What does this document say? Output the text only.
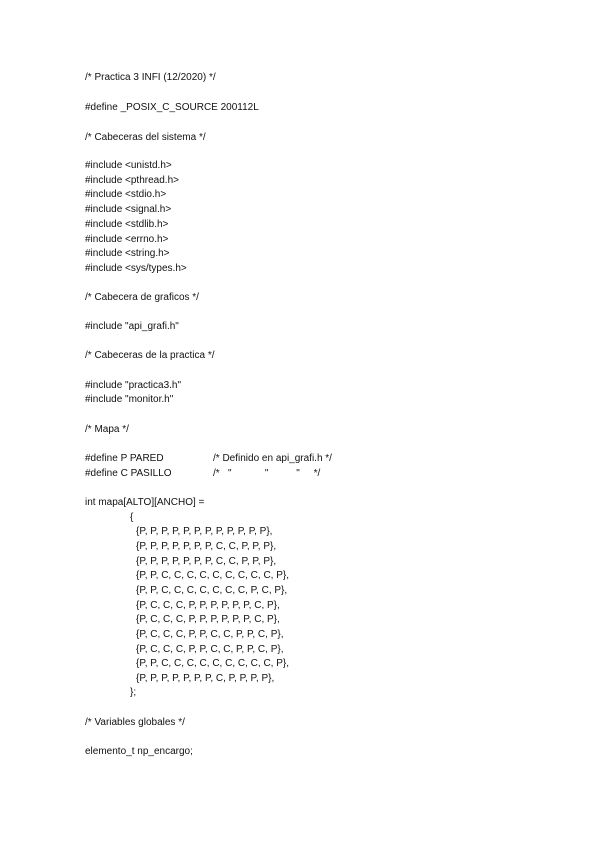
/* Practica 3 INFI (12/2020) */
#define _POSIX_C_SOURCE 200112L
/* Cabeceras del sistema */
#include <unistd.h>
#include <pthread.h>
#include <stdio.h>
#include <signal.h>
#include <stdlib.h>
#include <errno.h>
#include <string.h>
#include <sys/types.h>
/* Cabecera de graficos */
#include "api_grafi.h"
/* Cabeceras de la practica */
#include "practica3.h"
#include "monitor.h"
/* Mapa */
#define P PARED	/* Definido en api_grafi.h */
#define C PASILLO	/*   "            "          "     */
int mapa[ALTO][ANCHO] =
{
{P, P, P, P, P, P, P, P, P, P, P, P},
{P, P, P, P, P, P, P, C, C, P, P, P},
{P, P, P, P, P, P, P, C, C, P, P, P},
{P, P, C, C, C, C, C, C, C, C, C, P},
{P, P, C, C, C, C, C, C, C, P, C, P},
{P, C, C, C, P, P, P, P, P, P, C, P},
{P, C, C, C, P, P, P, P, P, P, C, P},
{P, C, C, C, P, P, C, C, P, P, C, P},
{P, C, C, C, P, P, C, C, P, P, C, P},
{P, P, C, C, C, C, C, C, C, C, C, P},
{P, P, P, P, P, P, P, C, P, P, P, P},
};
/* Variables globales */
elemento_t np_encargo;
